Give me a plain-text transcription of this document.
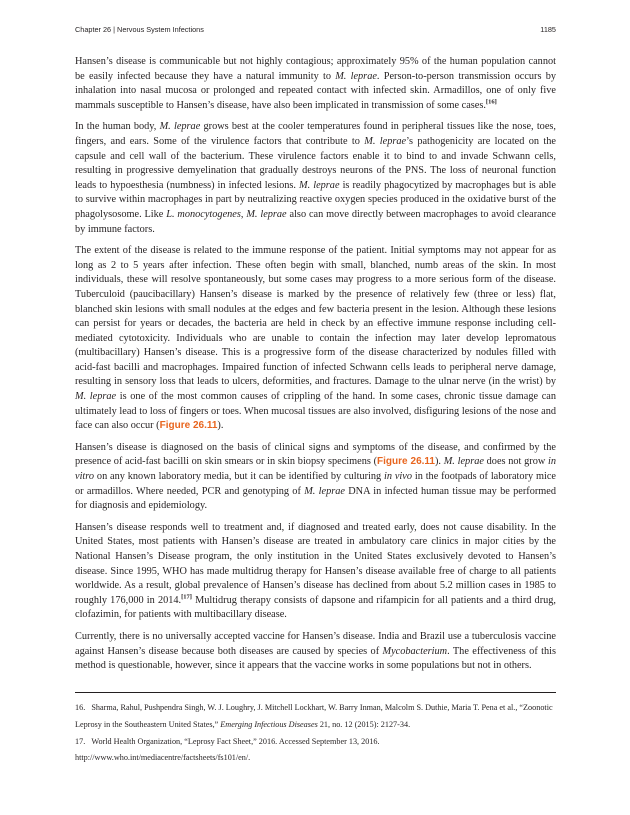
Chapter 26 | Nervous System Infections	1185

Hansen’s disease is communicable but not highly contagious; approximately 95% of the human population cannot be easily infected because they have a natural immunity to M. leprae. Person-to-person transmission occurs by inhalation into nasal mucosa or prolonged and repeated contact with infected skin. Armadillos, one of only five mammals susceptible to Hansen’s disease, have also been implicated in transmission of some cases.[16]

In the human body, M. leprae grows best at the cooler temperatures found in peripheral tissues like the nose, toes, fingers, and ears. Some of the virulence factors that contribute to M. leprae’s pathogenicity are located on the capsule and cell wall of the bacterium. These virulence factors enable it to bind to and invade Schwann cells, resulting in progressive demyelination that gradually destroys neurons of the PNS. The loss of neuronal function leads to hypoesthesia (numbness) in infected lesions. M. leprae is readily phagocytized by macrophages but is able to survive within macrophages in part by neutralizing reactive oxygen species produced in the oxidative burst of the phagolysosome. Like L. monocytogenes, M. leprae also can move directly between macrophages to avoid clearance by immune factors.

The extent of the disease is related to the immune response of the patient. Initial symptoms may not appear for as long as 2 to 5 years after infection. These often begin with small, blanched, numb areas of the skin. In most individuals, these will resolve spontaneously, but some cases may progress to a more serious form of the disease. Tuberculoid (paucibacillary) Hansen’s disease is marked by the presence of relatively few (three or less) flat, blanched skin lesions with small nodules at the edges and few bacteria present in the lesion. Although these lesions can persist for years or decades, the bacteria are held in check by an effective immune response including cell-mediated cytotoxicity. Individuals who are unable to contain the infection may later develop lepromatous (multibacillary) Hansen’s disease. This is a progressive form of the disease characterized by nodules filled with acid-fast bacilli and macrophages. Impaired function of infected Schwann cells leads to peripheral nerve damage, resulting in sensory loss that leads to ulcers, deformities, and fractures. Damage to the ulnar nerve (in the wrist) by M. leprae is one of the most common causes of crippling of the hand. In some cases, chronic tissue damage can ultimately lead to loss of fingers or toes. When mucosal tissues are also involved, disfiguring lesions of the nose and face can also occur (Figure 26.11).

Hansen’s disease is diagnosed on the basis of clinical signs and symptoms of the disease, and confirmed by the presence of acid-fast bacilli on skin smears or in skin biopsy specimens (Figure 26.11). M. leprae does not grow in vitro on any known laboratory media, but it can be identified by culturing in vivo in the footpads of laboratory mice or armadillos. Where needed, PCR and genotyping of M. leprae DNA in infected human tissue may be performed for diagnosis and epidemiology.

Hansen’s disease responds well to treatment and, if diagnosed and treated early, does not cause disability. In the United States, most patients with Hansen’s disease are treated in ambulatory care clinics in major cities by the National Hansen’s Disease program, the only institution in the United States exclusively devoted to Hansen’s disease. Since 1995, WHO has made multidrug therapy for Hansen’s disease available free of charge to all patients worldwide. As a result, global prevalence of Hansen’s disease has declined from about 5.2 million cases in 1985 to roughly 176,000 in 2014.[17] Multidrug therapy consists of dapsone and rifampicin for all patients and a third drug, clofazimin, for patients with multibacillary disease.

Currently, there is no universally accepted vaccine for Hansen’s disease. India and Brazil use a tuberculosis vaccine against Hansen’s disease because both diseases are caused by species of Mycobacterium. The effectiveness of this method is questionable, however, since it appears that the vaccine works in some populations but not in others.

16. Sharma, Rahul, Pushpendra Singh, W. J. Loughry, J. Mitchell Lockhart, W. Barry Inman, Malcolm S. Duthie, Maria T. Pena et al., “Zoonotic Leprosy in the Southeastern United States,” Emerging Infectious Diseases 21, no. 12 (2015): 2127-34.

17. World Health Organization, “Leprosy Fact Sheet,” 2016. Accessed September 13, 2016. http://www.who.int/mediacentre/factsheets/fs101/en/.
